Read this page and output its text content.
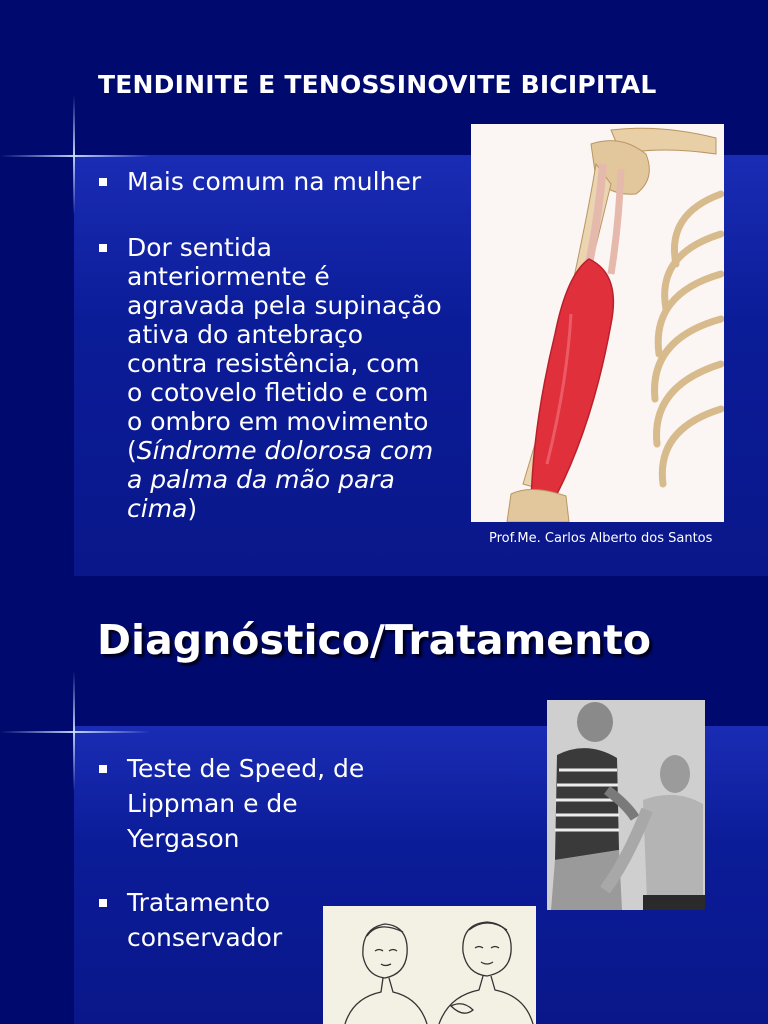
TENDINITE E TENOSSINOVITE BICIPITAL
Mais comum na mulher
Dor sentida
anteriormente é
agravada pela supinação
ativa do antebraço
contra resistência, com
o cotovelo fletido e com
o ombro em movimento
(Síndrome dolorosa com
a palma da mão para
cima)
Prof.Me. Carlos Alberto dos Santos
Diagnóstico/Tratamento
Teste de Speed, de
Lippman e de
Yergason
Tratamento
conservador
